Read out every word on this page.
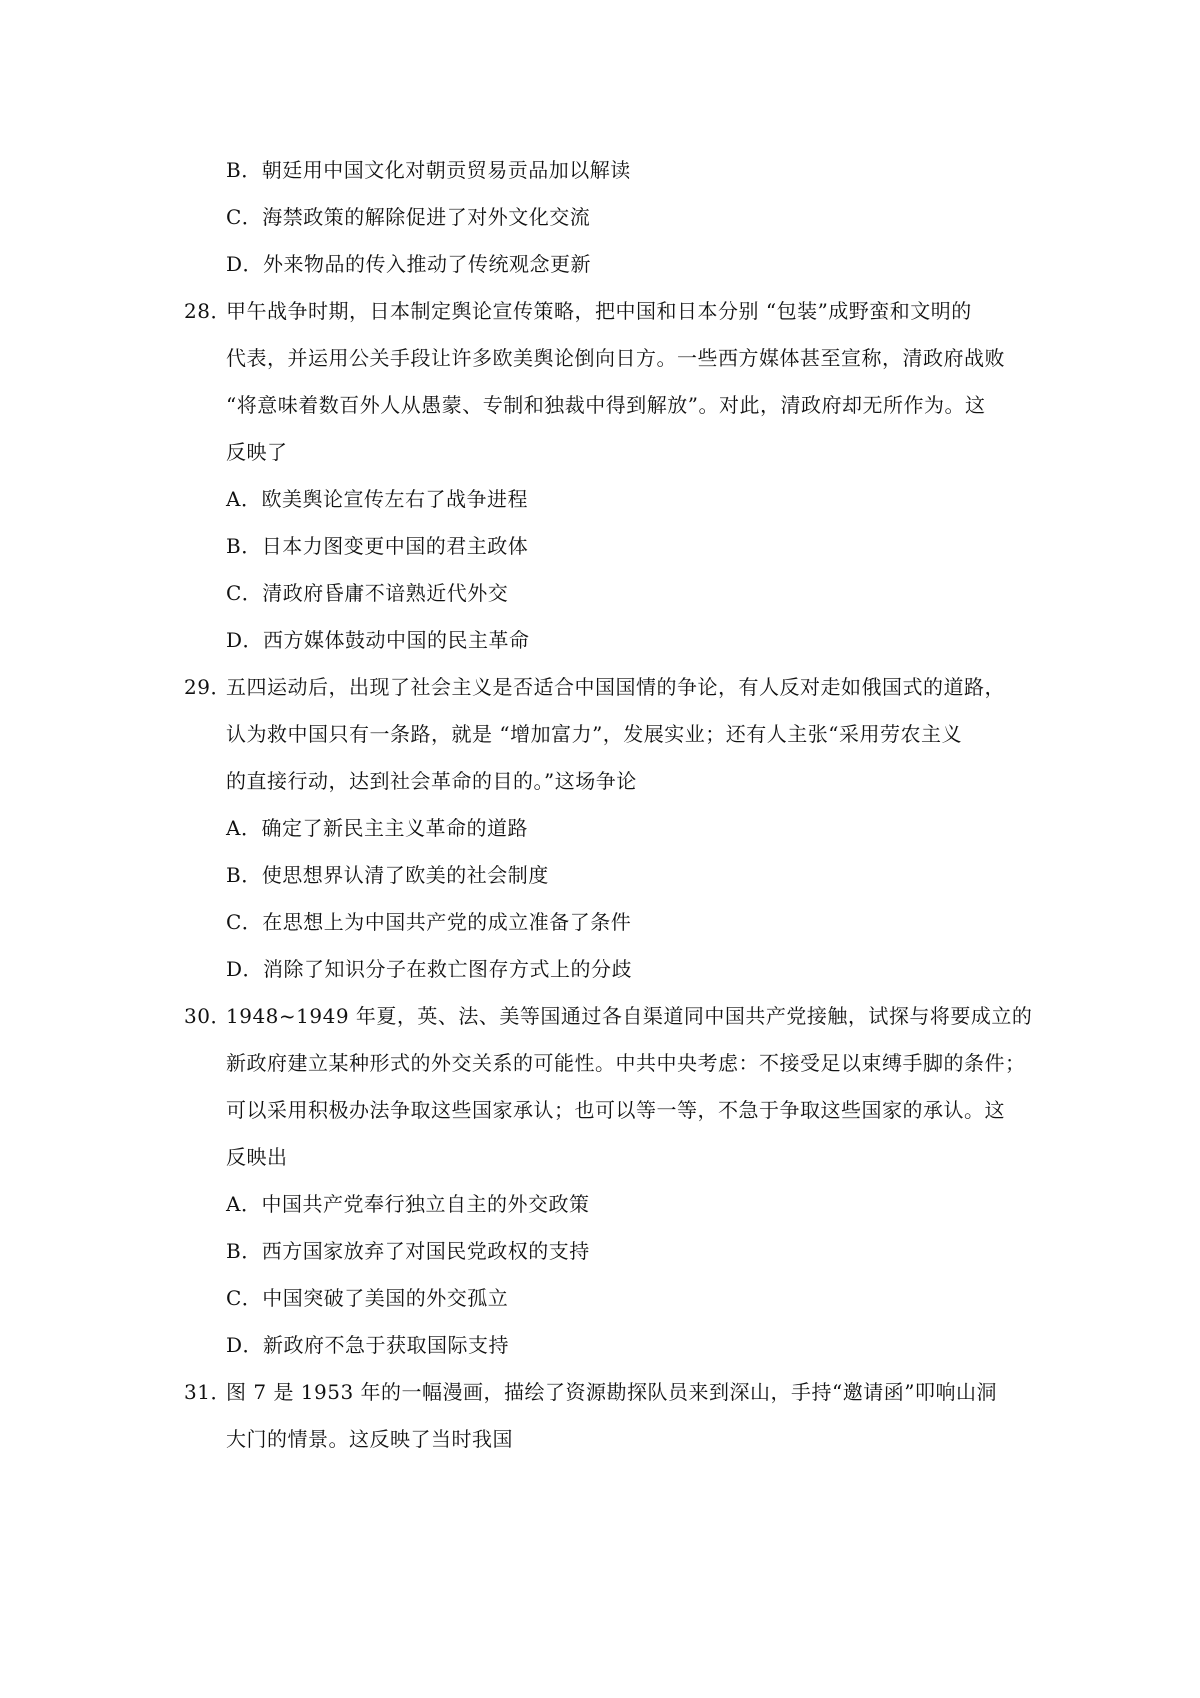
B．朝廷用中国文化对朝贡贸易贡品加以解读
C．海禁政策的解除促进了对外文化交流
D．外来物品的传入推动了传统观念更新
28．
甲午战争时期，日本制定舆论宣传策略，把中国和日本分别 “包装”成野蛮和文明的
代表，并运用公关手段让许多欧美舆论倒向日方。一些西方媒体甚至宣称，清政府战败
“将意味着数百外人从愚蒙、专制和独裁中得到解放”。对此，清政府却无所作为。这
反映了
A．欧美舆论宣传左右了战争进程
B．日本力图变更中国的君主政体
C．清政府昏庸不谙熟近代外交
D．西方媒体鼓动中国的民主革命
29．
五四运动后，出现了社会主义是否适合中国国情的争论，有人反对走如俄国式的道路，
认为救中国只有一条路，就是 “增加富力”，发展实业；还有人主张“采用劳农主义
的直接行动，达到社会革命的目的。”这场争论
A．确定了新民主主义革命的道路
B．使思想界认清了欧美的社会制度
C．在思想上为中国共产党的成立准备了条件
D．消除了知识分子在救亡图存方式上的分歧
30．
1948~1949 年夏，英、法、美等国通过各自渠道同中国共产党接触，试探与将要成立的
新政府建立某种形式的外交关系的可能性。中共中央考虑：不接受足以束缚手脚的条件；
可以采用积极办法争取这些国家承认；也可以等一等，不急于争取这些国家的承认。这
反映出
A．中国共产党奉行独立自主的外交政策
B．西方国家放弃了对国民党政权的支持
C．中国突破了美国的外交孤立
D．新政府不急于获取国际支持
31．
图 7 是 1953 年的一幅漫画，描绘了资源勘探队员来到深山，手持“邀请函”叩响山洞
大门的情景。这反映了当时我国
